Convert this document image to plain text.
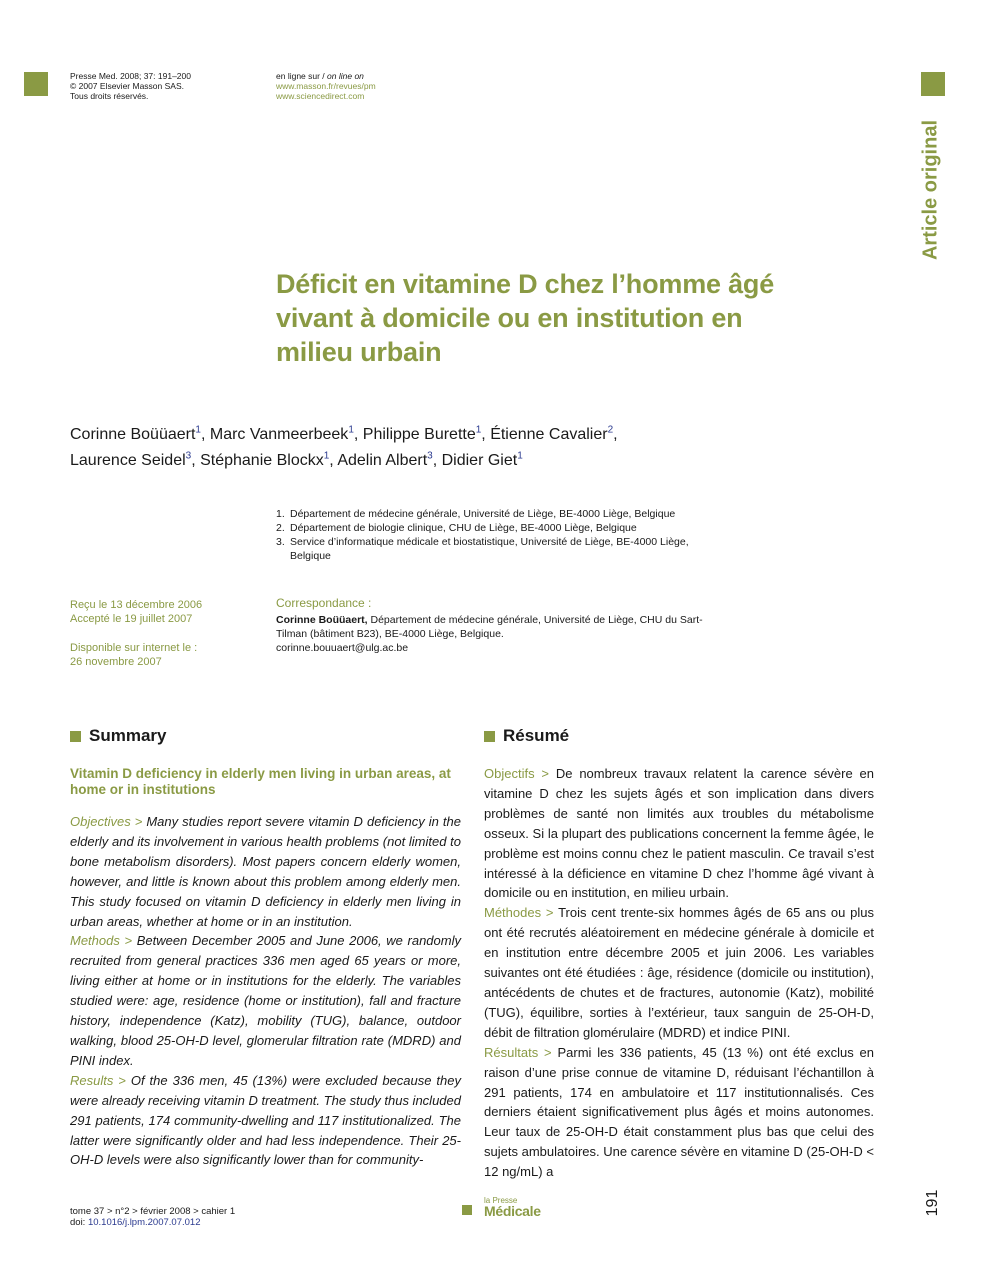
Presse Med. 2008; 37: 191–200
© 2007 Elsevier Masson SAS.
Tous droits réservés.
en ligne sur / on line on
www.masson.fr/revues/pm
www.sciencedirect.com
Article original
Déficit en vitamine D chez l’homme âgé vivant à domicile ou en institution en milieu urbain
Corinne Boüüaert$^1$, Marc Vanmeerbeek$^1$, Philippe Burette$^1$, Étienne Cavalier$^2$,
Laurence Seidel$^3$, Stéphanie Blockx$^1$, Adelin Albert$^3$, Didier Giet$^1$
1. Département de médecine générale, Université de Liège, BE-4000 Liège, Belgique
2. Département de biologie clinique, CHU de Liège, BE-4000 Liège, Belgique
3. Service d’informatique médicale et biostatistique, Université de Liège, BE-4000 Liège, Belgique
Reçu le 13 décembre 2006
Accepté le 19 juillet 2007
Disponible sur internet le :
26 novembre 2007
Correspondance :
Corinne Boüüaert, Département de médecine générale, Université de Liège, CHU du Sart-Tilman (bâtiment B23), BE-4000 Liège, Belgique.
corinne.bouuaert@ulg.ac.be
Summary	Résumé
Vitamin D deficiency in elderly men living in urban areas, at home or in institutions
Objectives > Many studies report severe vitamin D deficiency in the elderly and its involvement in various health problems (not limited to bone metabolism disorders). Most papers concern elderly women, however, and little is known about this problem among elderly men. This study focused on vitamin D deficiency in elderly men living in urban areas, whether at home or in an institution.
Methods > Between December 2005 and June 2006, we randomly recruited from general practices 336 men aged 65 years or more, living either at home or in institutions for the elderly. The variables studied were: age, residence (home or institution), fall and fracture history, independence (Katz), mobility (TUG), balance, outdoor walking, blood 25-OH-D level, glomerular filtration rate (MDRD) and PINI index.
Results > Of the 336 men, 45 (13%) were excluded because they were already receiving vitamin D treatment. The study thus included 291 patients, 174 community-dwelling and 117 institutionalized. The latter were significantly older and had less independence. Their 25-OH-D levels were also significantly lower than for community-
Objectifs > De nombreux travaux relatent la carence sévère en vitamine D chez les sujets âgés et son implication dans divers problèmes de santé non limités aux troubles du métabolisme osseux. Si la plupart des publications concernent la femme âgée, le problème est moins connu chez le patient masculin. Ce travail s’est intéressé à la déficience en vitamine D chez l’homme âgé vivant à domicile ou en institution, en milieu urbain.
Méthodes > Trois cent trente-six hommes âgés de 65 ans ou plus ont été recrutés aléatoirement en médecine générale à domicile et en institution entre décembre 2005 et juin 2006. Les variables suivantes ont été étudiées : âge, résidence (domicile ou institution), antécédents de chutes et de fractures, autonomie (Katz), mobilité (TUG), équilibre, sorties à l’extérieur, taux sanguin de 25-OH-D, débit de filtration glomérulaire (MDRD) et indice PINI.
Résultats > Parmi les 336 patients, 45 (13 %) ont été exclus en raison d’une prise connue de vitamine D, réduisant l’échantillon à 291 patients, 174 en ambulatoire et 117 institutionnalisés. Ces derniers étaient significativement plus âgés et moins autonomes. Leur taux de 25-OH-D était constamment plus bas que celui des sujets ambulatoires. Une carence sévère en vitamine D (25-OH-D < 12 ng/mL) a
tome 37 > n°2 > février 2008 > cahier 1
doi: 10.1016/j.lpm.2007.07.012
la Presse
Médicale	191
